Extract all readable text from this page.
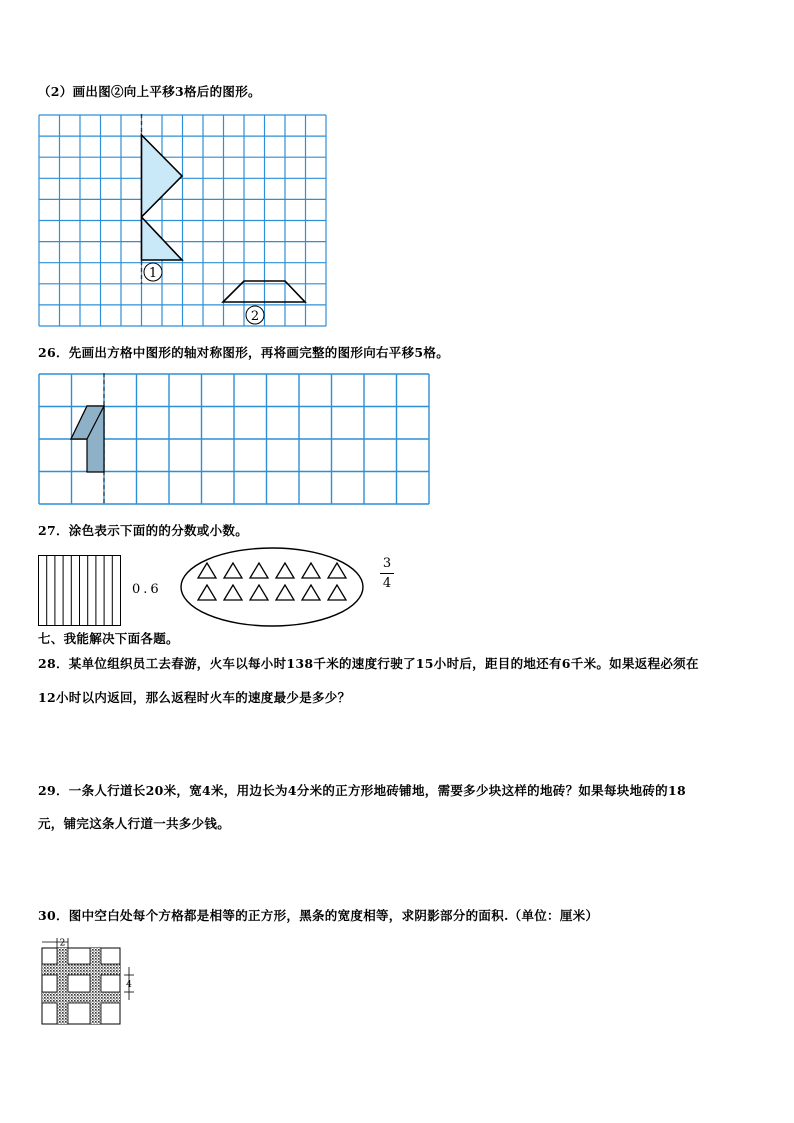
（2）画出图②向上平移3格后的图形。
1
2
26．先画出方格中图形的轴对称图形，再将画完整的图形向右平移5格。
27．涂色表示下面的的分数或小数。
0.6
3
4
七、我能解决下面各题。
28．某单位组织员工去春游，火车以每小时138千米的速度行驶了15小时后，距目的地还有6千米。如果返程必须在
12小时以内返回，那么返程时火车的速度最少是多少？
29．一条人行道长20米，宽4米，用边长为4分米的正方形地砖铺地，需要多少块这样的地砖？如果每块地砖的18
元，铺完这条人行道一共多少钱。
30．图中空白处每个方格都是相等的正方形，黑条的宽度相等，求阴影部分的面积.（单位：厘米）
2
4
